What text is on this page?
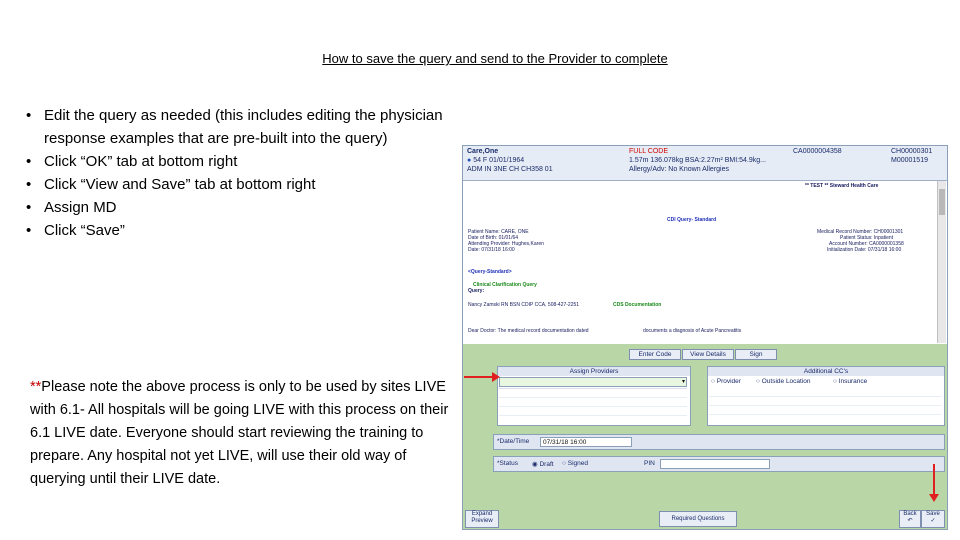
How to save the query and send to the Provider to complete
• Edit the query as needed (this includes editing the physician response examples that are pre-built into the query)
• Click “OK” tab at bottom right
• Click “View and Save” tab at bottom right
• Assign MD
• Click “Save”
**Please note the above process is only to be used by sites LIVE with 6.1- All hospitals will be going LIVE with this process on their 6.1 LIVE date. Everyone should start reviewing the training to prepare. Any hospital not yet LIVE, will use their old way of querying until their LIVE date.
Care,One
● 54 F 01/01/1964
ADM IN 3NE CH CH358 01
FULL CODE
1.57m 136.078kg BSA:2.27m² BMI:54.9kg...
Allergy/Adv: No Known Allergies
CA0000004358	CH00000301
M00001519
** TEST ** Steward Health Care
CDI Query- Standard
Patient Name: CARE, ONE
Date of Birth: 01/01/64
Attending Provider: Hughes,Karen
Date: 07/31/18 16:00
Medical Record Number: CH00001301
Patient Status: Inpatient
Account Number: CA0000001358
Initialization Date: 07/31/18 16:00
<Query-Standard>
Clinical Clarification Query
Query:
Nancy Zamski RN BSN CDIP CCA, 508-427-2251	CDS Documentation
Dear Doctor: The medical record documentation dated	documents a diagnosis of Acute Pancreatitis
Enter Code	View Details	Sign
Assign Providers
▾
Additional CC's
○ Provider ○ Outside Location	○ Insurance
*Date/Time	07/31/18 16:00
*Status ◉ Draft ○ Signed	PIN
Expand Preview	Required Questions
Back
↶
Save
✓
